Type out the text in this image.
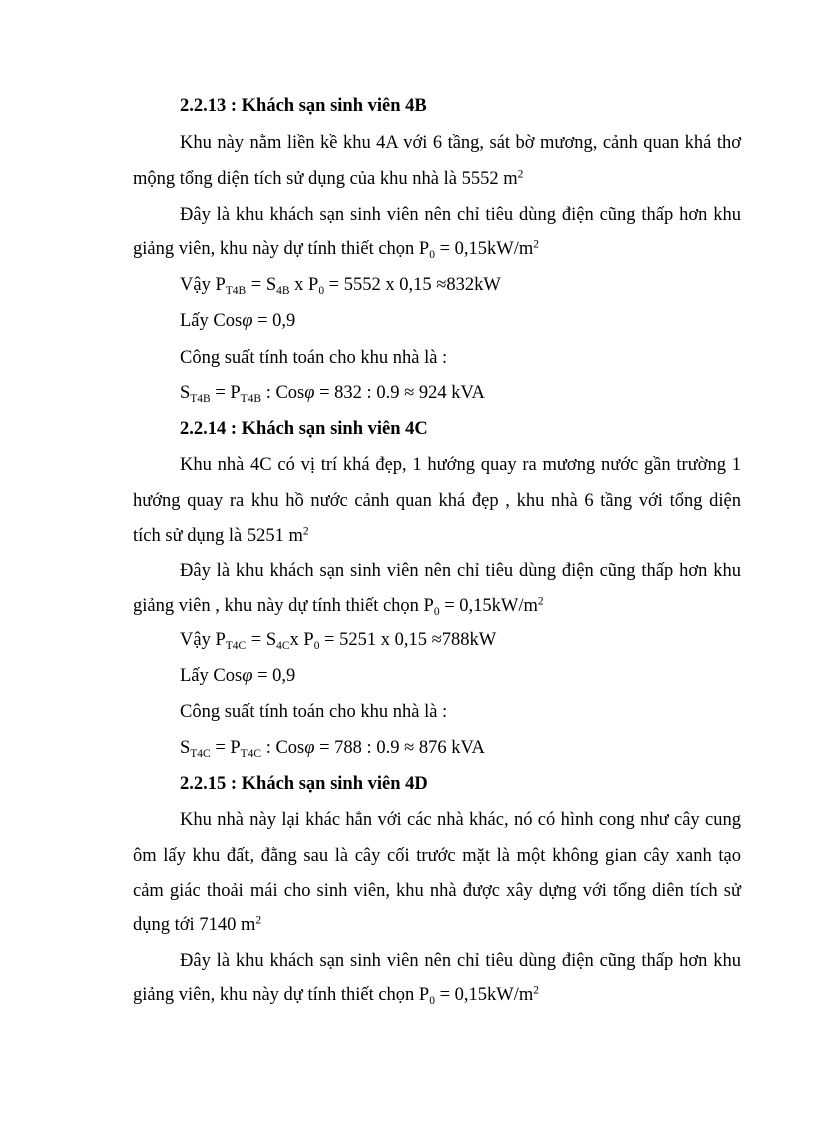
2.2.13 : Khách sạn sinh viên 4B
Khu này nằm liền kề khu 4A với 6 tầng, sát bờ mương, cảnh quan khá thơ
mộng tổng diện tích sử dụng của khu nhà là 5552 $m^2$
Đây là khu khách sạn sinh viên nên chỉ tiêu dùng điện cũng thấp hơn khu
giảng viên, khu này dự tính thiết chọn $P_0 = 0,15kW/m^2$
Vậy $P_{T4B} = S_{4B}$ x $P_0 = 5552$ x 0,15 ≈832kW
Lấy Cosφ = 0,9
Công suất tính toán cho khu nhà là :
$S_{T4B} = P_{T4B}$ : Cosφ = 832 : 0.9 ≈ 924 kVA
2.2.14 : Khách sạn sinh viên 4C
Khu nhà 4C có vị trí khá đẹp, 1 hướng quay ra mương nước gần trường 1
hướng quay ra khu hồ nước cảnh quan khá đẹp , khu nhà 6 tầng với tổng diện
tích sử dụng là 5251 $m^2$
Đây là khu khách sạn sinh viên nên chỉ tiêu dùng điện cũng thấp hơn khu
giảng viên , khu này dự tính thiết chọn $P_0 = 0,15kW/m^2$
Vậy $P_{T4C} = S_{4C}x$ $P_0 = 5251$ x 0,15 ≈788kW
Lấy Cosφ = 0,9
Công suất tính toán cho khu nhà là :
$S_{T4C} = P_{T4C}$ : Cosφ = 788 : 0.9 ≈ 876 kVA
2.2.15 : Khách sạn sinh viên 4D
Khu nhà này lại khác hẳn với các nhà khác, nó có hình cong như cây cung
ôm lấy khu đất, đằng sau là cây cối trước mặt là một không gian cây xanh tạo
cảm giác thoải mái cho sinh viên, khu nhà được xây dựng với tổng diên tích sử
dụng tới 7140 $m^2$
Đây là khu khách sạn sinh viên nên chỉ tiêu dùng điện cũng thấp hơn khu
giảng viên, khu này dự tính thiết chọn $P_0 = 0,15kW/m^2$
